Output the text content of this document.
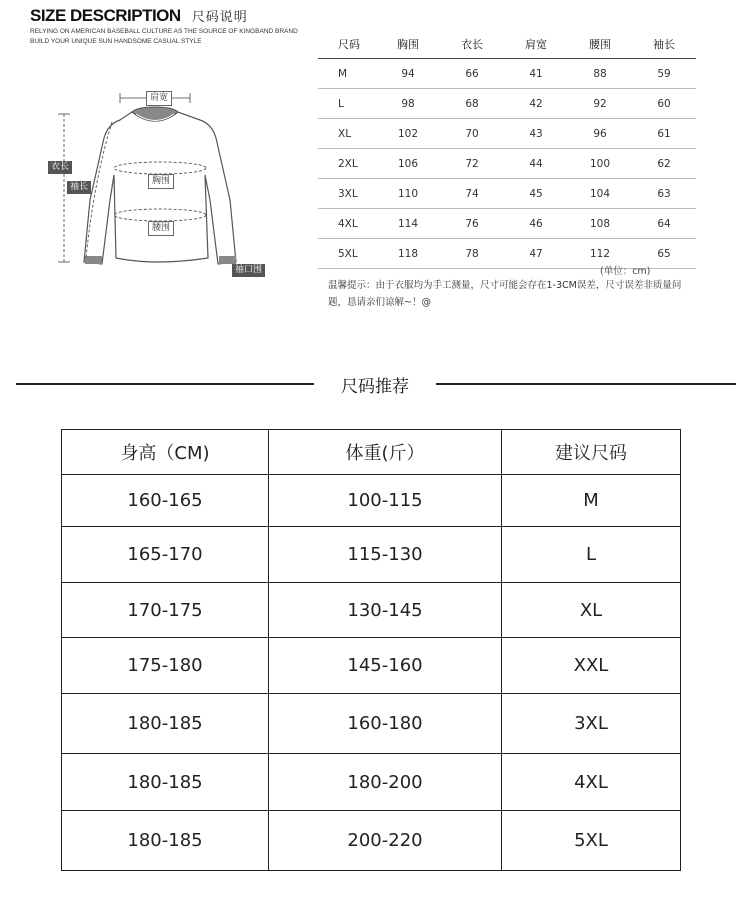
SIZE DESCRIPTION 尺码说明
RELYING ON AMERICAN BASEBALL CULTURE AS THE SOURCE OF KINGBAND BRAND
BUILD YOUR UNIQUE SUN HANDSOME CASUAL STYLE
肩宽
衣长
袖长
胸围
腰围
袖口围
尺码	胸围	衣长	肩宽	腰围	袖长
M	94	66	41	88	59
L	98	68	42	92	60
XL	102	70	43	96	61
2XL	106	72	44	100	62
3XL	110	74	45	104	63
4XL	114	76	46	108	64
5XL	118	78	47	112	65
(单位：cm)
温馨提示：由于衣服均为手工测量，尺寸可能会存在1-3CM误差，尺寸误差非质量问题，恳请亲们谅解~！@
尺码推荐
身高（CM)	体重(斤）	建议尺码
160-165	100-115	M
165-170	115-130	L
170-175	130-145	XL
175-180	145-160	XXL
180-185	160-180	3XL
180-185	180-200	4XL
180-185	200-220	5XL
